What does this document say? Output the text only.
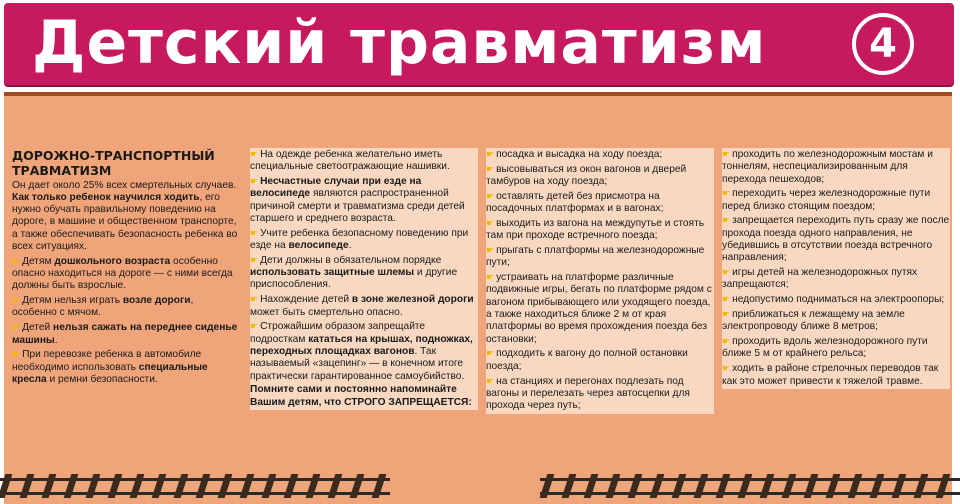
Детский травматизм	4

ДОРОЖНО-ТРАНСПОРТНЫЙ ТРАВМАТИЗМ

Он дает около 25% всех смертельных случаев. Как только ребенок научился ходить, его нужно обучать правильному поведению на дороге, в машине и общественном транспорте, а также обеспечивать безопасность ребенка во всех ситуациях.

☛ Детям дошкольного возраста особенно опасно находиться на дороге — с ними всегда должны быть взрослые.

☛ Детям нельзя играть возле дороги, особенно с мячом.

☛ Детей нельзя сажать на переднее сиденье машины.

☛ При перевозке ребенка в автомобиле необходимо использовать специальные кресла и ремни безопасности.

☛ На одежде ребенка желательно иметь специальные светоотражающие нашивки.

☛ Несчастные случаи при езде на велосипеде являются распространенной причиной смерти и травматизма среди детей старшего и среднего возраста.

☛ Учите ребенка безопасному поведению при езде на велосипеде.

☛ Дети должны в обязательном порядке использовать защитные шлемы и другие приспособления.

☛ Нахождение детей в зоне железной дороги может быть смертельно опасно.

☛ Строжайшим образом запрещайте подросткам кататься на крышах, подножках, переходных площадках вагонов. Так называемый «зацепинг» — в конечном итоге практически гарантированное самоубийство.

Помните сами и постоянно напоминайте Вашим детям, что СТРОГО ЗАПРЕЩАЕТСЯ:

☛ посадка и высадка на ходу поезда;

☛ высовываться из окон вагонов и дверей тамбуров на ходу поезда;

☛ оставлять детей без присмотра на посадочных платформах и в вагонах;

☛ выходить из вагона на междупутье и стоять там при проходе встречного поезда;

☛ прыгать с платформы на железнодорожные пути;

☛ устраивать на платформе различные подвижные игры, бегать по платформе рядом с вагоном прибывающего или уходящего поезда, а также находиться ближе 2 м от края платформы во время прохождения поезда без остановки;

☛ подходить к вагону до полной остановки поезда;

☛ на станциях и перегонах подлезать под вагоны и перелезать через автосцепки для прохода через путь;

☛ проходить по железнодорожным мостам и тоннелям, неспециализированным для перехода пешеходов;

☛ переходить через железнодорожные пути перед близко стоящим поездом;

☛ запрещается переходить путь сразу же после прохода поезда одного направления, не убедившись в отсутствии поезда встречного направления;

☛ игры детей на железнодорожных путях запрещаются;

☛ недопустимо подниматься на электроопоры;

☛ приближаться к лежащему на земле электропроводу ближе 8 метров;

☛ проходить вдоль железнодорожного пути ближе 5 м от крайнего рельса;

☛ ходить в районе стрелочных переводов так как это может привести к тяжелой травме.
